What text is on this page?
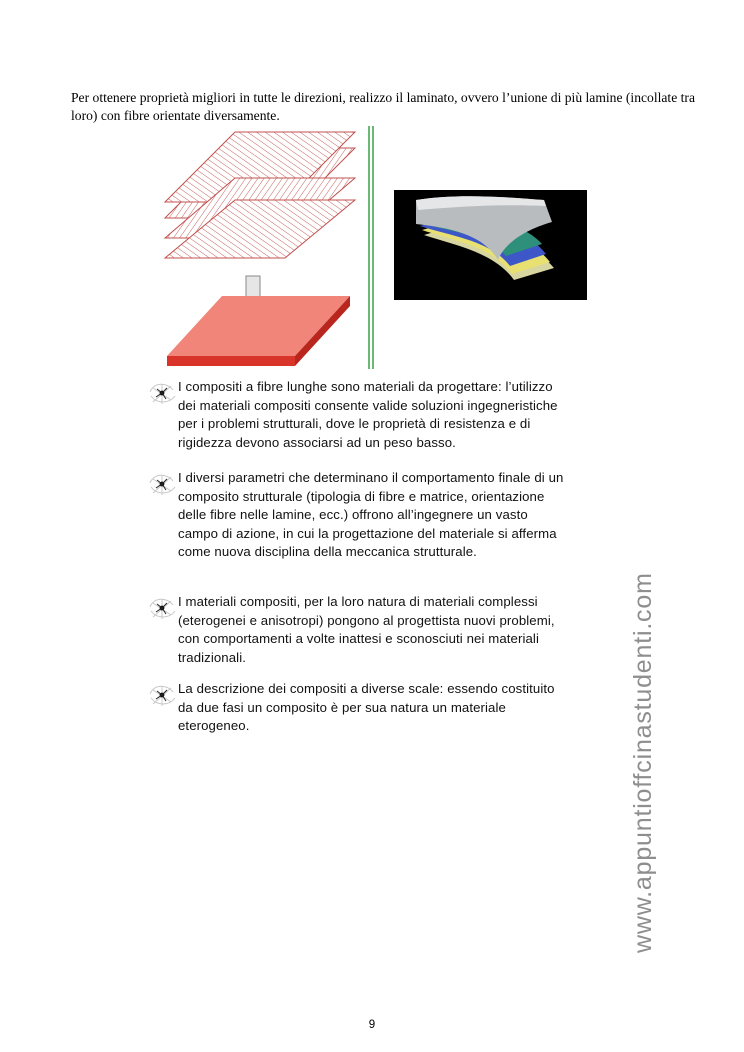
Per ottenere proprietà migliori in tutte le direzioni, realizzo il laminato, ovvero l’unione di più lamine (incollate tra loro) con fibre orientate diversamente.

I compositi a fibre lunghe sono materiali da progettare: l’utilizzo dei materiali compositi consente valide soluzioni ingegneristiche per i problemi strutturali, dove le proprietà di resistenza e di rigidezza devono associarsi ad un peso basso.
I diversi parametri che determinano il comportamento finale di un composito strutturale (tipologia di fibre e matrice, orientazione delle fibre nelle lamine, ecc.) offrono all’ingegnere un vasto campo di azione, in cui la progettazione del materiale si afferma come nuova disciplina della meccanica strutturale.
I materiali compositi, per la loro natura di materiali complessi (eterogenei e anisotropi) pongono al progettista nuovi problemi, con comportamenti a volte inattesi e sconosciuti nei materiali tradizionali.
La descrizione dei compositi a diverse scale: essendo costituito da due fasi un composito è per sua natura un materiale eterogeneo.	www.appuntioffcinastudenti.com
9
